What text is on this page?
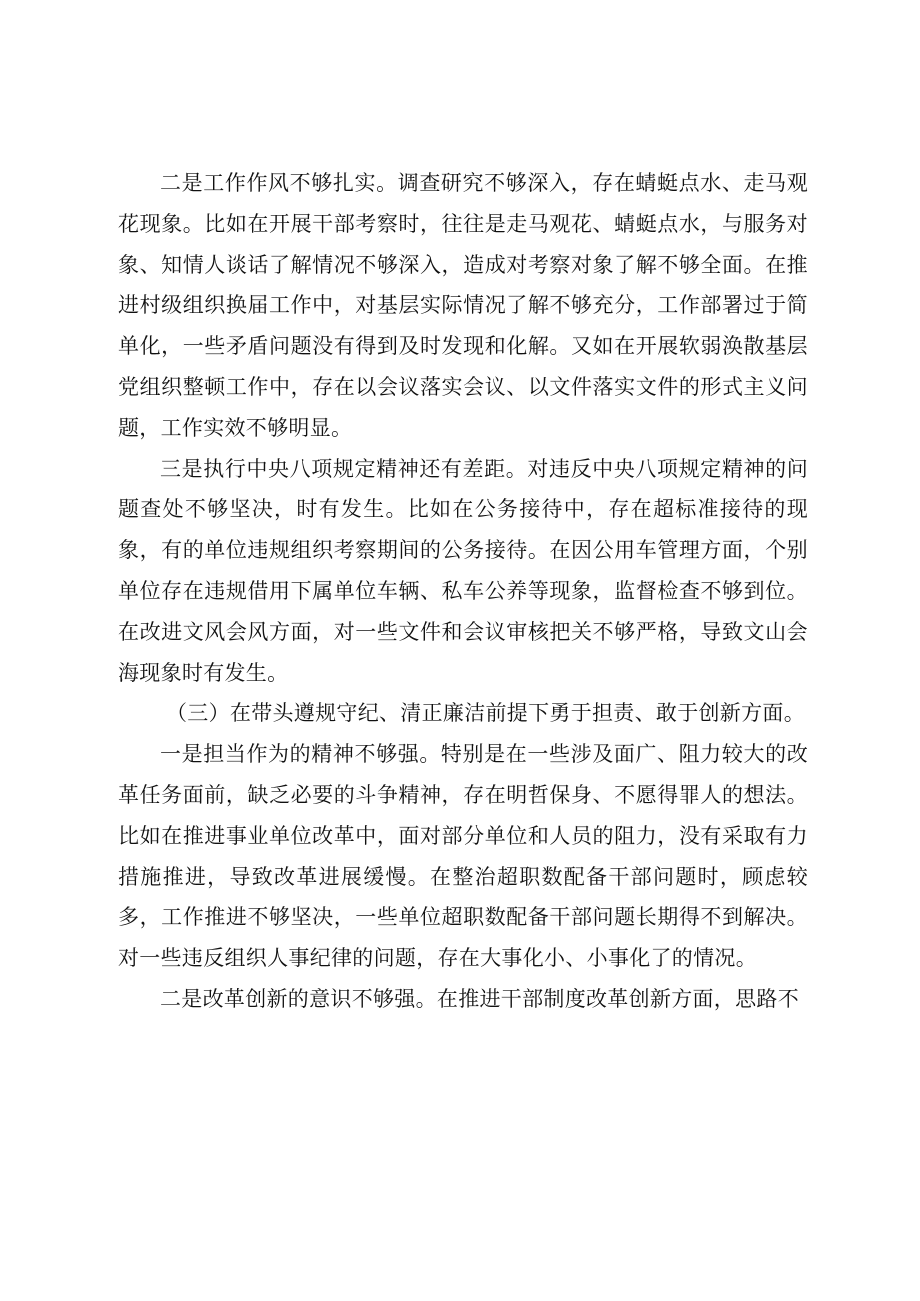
二是工作作风不够扎实。调查研究不够深入，存在蜻蜓点水、走马观花现象。比如在开展干部考察时，往往是走马观花、蜻蜓点水，与服务对象、知情人谈话了解情况不够深入，造成对考察对象了解不够全面。在推进村级组织换届工作中，对基层实际情况了解不够充分，工作部署过于简单化，一些矛盾问题没有得到及时发现和化解。又如在开展软弱涣散基层党组织整顿工作中，存在以会议落实会议、以文件落实文件的形式主义问题，工作实效不够明显。

三是执行中央八项规定精神还有差距。对违反中央八项规定精神的问题查处不够坚决，时有发生。比如在公务接待中，存在超标准接待的现象，有的单位违规组织考察期间的公务接待。在因公用车管理方面，个别单位存在违规借用下属单位车辆、私车公养等现象，监督检查不够到位。在改进文风会风方面，对一些文件和会议审核把关不够严格，导致文山会海现象时有发生。

（三）在带头遵规守纪、清正廉洁前提下勇于担责、敢于创新方面。

一是担当作为的精神不够强。特别是在一些涉及面广、阻力较大的改革任务面前，缺乏必要的斗争精神，存在明哲保身、不愿得罪人的想法。比如在推进事业单位改革中，面对部分单位和人员的阻力，没有采取有力措施推进，导致改革进展缓慢。在整治超职数配备干部问题时，顾虑较多，工作推进不够坚决，一些单位超职数配备干部问题长期得不到解决。对一些违反组织人事纪律的问题，存在大事化小、小事化了的情况。

二是改革创新的意识不够强。在推进干部制度改革创新方面，思路不
